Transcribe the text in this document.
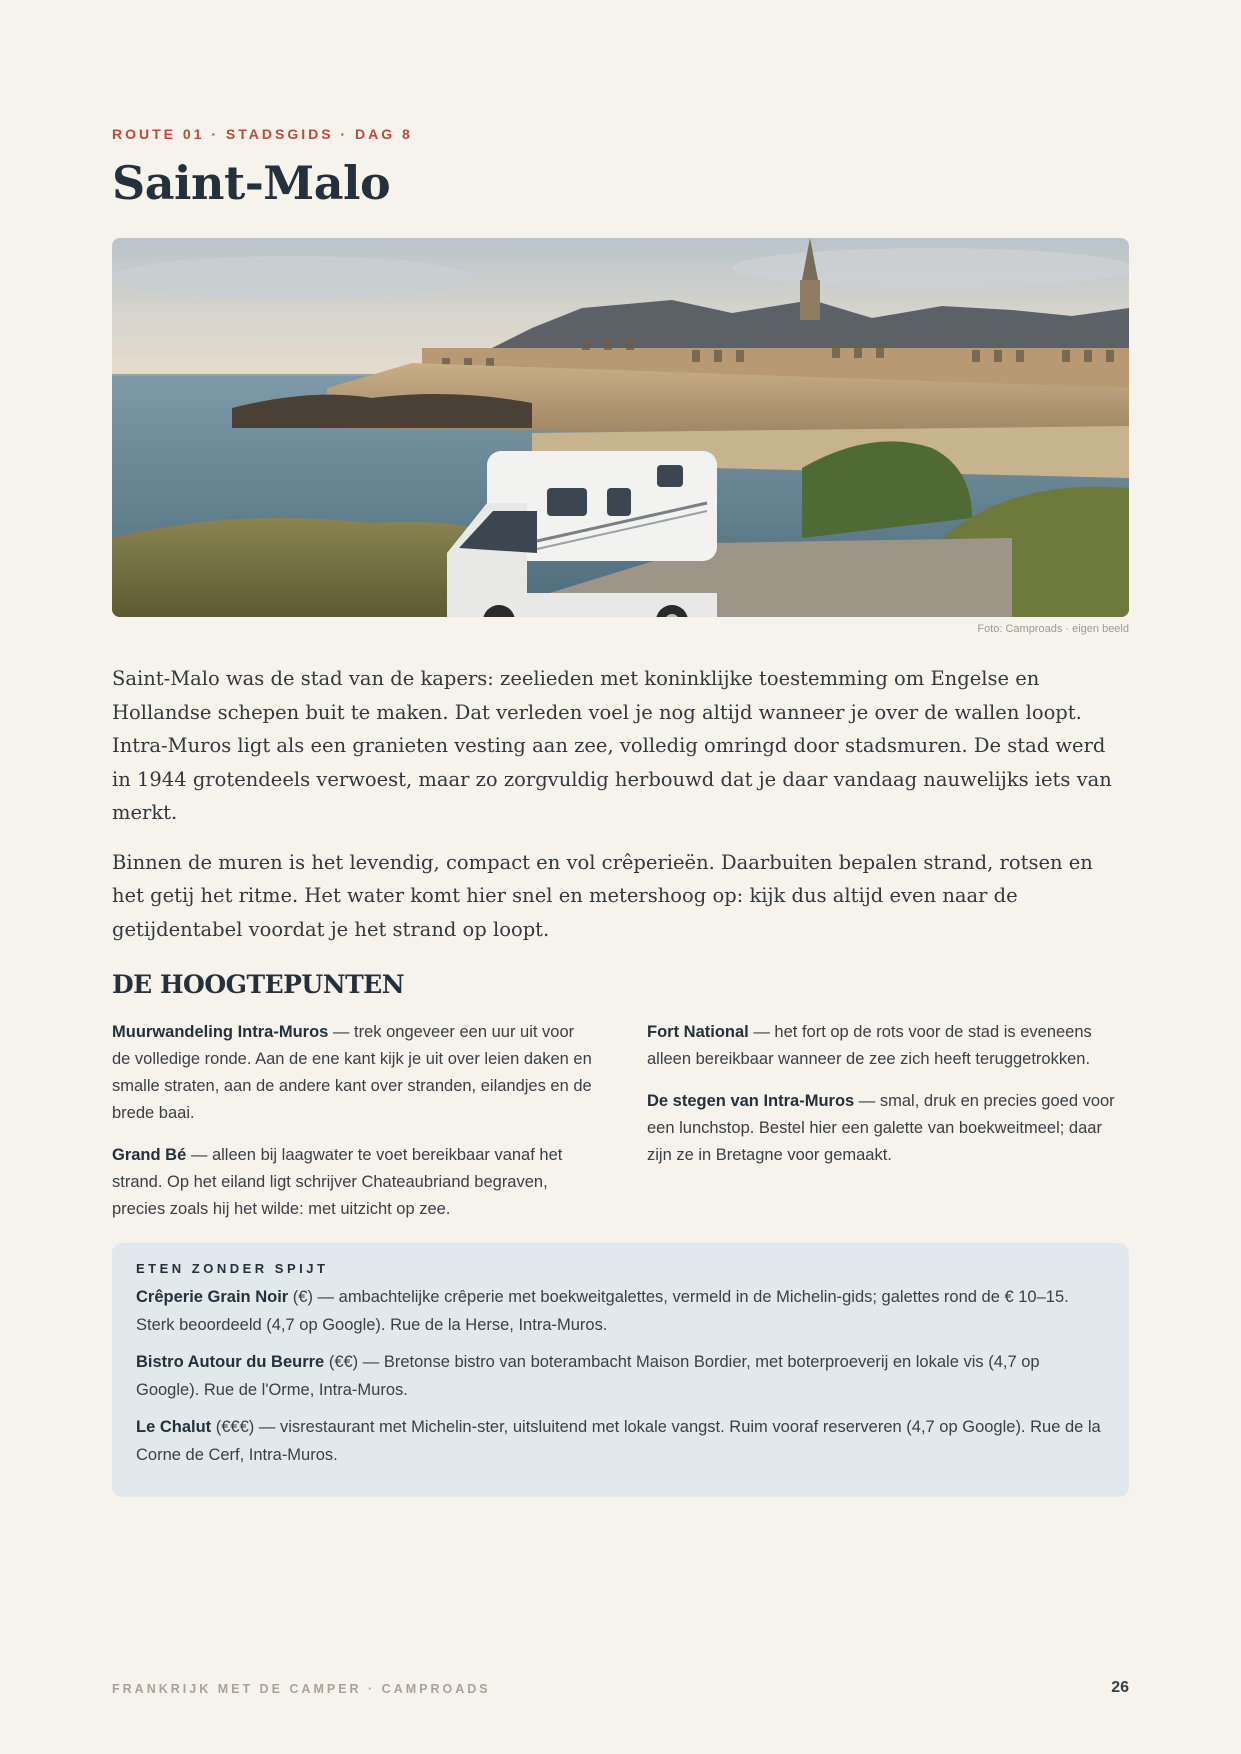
ROUTE 01 · STADSGIDS · DAG 8
Saint-Malo
Foto: Camproads · eigen beeld

Saint-Malo was de stad van de kapers: zeelieden met koninklijke toestemming om Engelse en Hollandse schepen buit te maken. Dat verleden voel je nog altijd wanneer je over de wallen loopt. Intra-Muros ligt als een granieten vesting aan zee, volledig omringd door stadsmuren. De stad werd in 1944 grotendeels verwoest, maar zo zorgvuldig herbouwd dat je daar vandaag nauwelijks iets van merkt.

Binnen de muren is het levendig, compact en vol crêperieën. Daarbuiten bepalen strand, rotsen en het getij het ritme. Het water komt hier snel en metershoog op: kijk dus altijd even naar de getijdentabel voordat je het strand op loopt.

DE HOOGTEPUNTEN

Muurwandeling Intra-Muros — trek ongeveer een uur uit voor de volledige ronde. Aan de ene kant kijk je uit over leien daken en smalle straten, aan de andere kant over stranden, eilandjes en de brede baai.

Grand Bé — alleen bij laagwater te voet bereikbaar vanaf het strand. Op het eiland ligt schrijver Chateaubriand begraven, precies zoals hij het wilde: met uitzicht op zee.

Fort National — het fort op de rots voor de stad is eveneens alleen bereikbaar wanneer de zee zich heeft teruggetrokken.

De stegen van Intra-Muros — smal, druk en precies goed voor een lunchstop. Bestel hier een galette van boekweitmeel; daar zijn ze in Bretagne voor gemaakt.

ETEN ZONDER SPIJT

Crêperie Grain Noir (€) — ambachtelijke crêperie met boekweitgalettes, vermeld in de Michelin-gids; galettes rond de € 10–15. Sterk beoordeeld (4,7 op Google). Rue de la Herse, Intra-Muros.

Bistro Autour du Beurre (€€) — Bretonse bistro van boterambacht Maison Bordier, met boterproeverij en lokale vis (4,7 op Google). Rue de l'Orme, Intra-Muros.

Le Chalut (€€€) — visrestaurant met Michelin-ster, uitsluitend met lokale vangst. Ruim vooraf reserveren (4,7 op Google). Rue de la Corne de Cerf, Intra-Muros.

FRANKRIJK MET DE CAMPER · CAMPROADS	26
